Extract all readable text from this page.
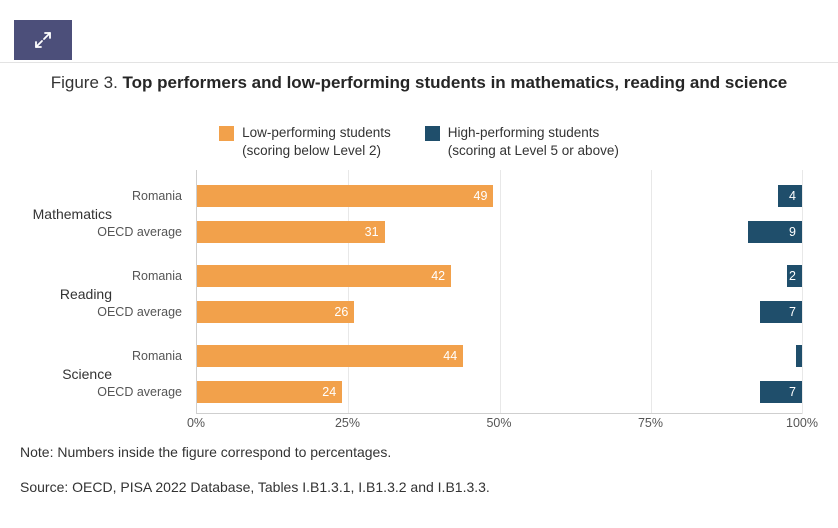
Figure 3. Top performers and low-performing students in mathematics, reading and science
Low-performing students
(scoring below Level 2)
High-performing students
(scoring at Level 5 or above)
Mathematics
Reading
Science
Romania
OECD average
Romania
OECD average
Romania
OECD average
49	4
31	9
42	2
26	7
44
24	7
0%	25%	50%	75%	100%
Note: Numbers inside the figure correspond to percentages.
Source: OECD, PISA 2022 Database, Tables I.B1.3.1, I.B1.3.2 and I.B1.3.3.
